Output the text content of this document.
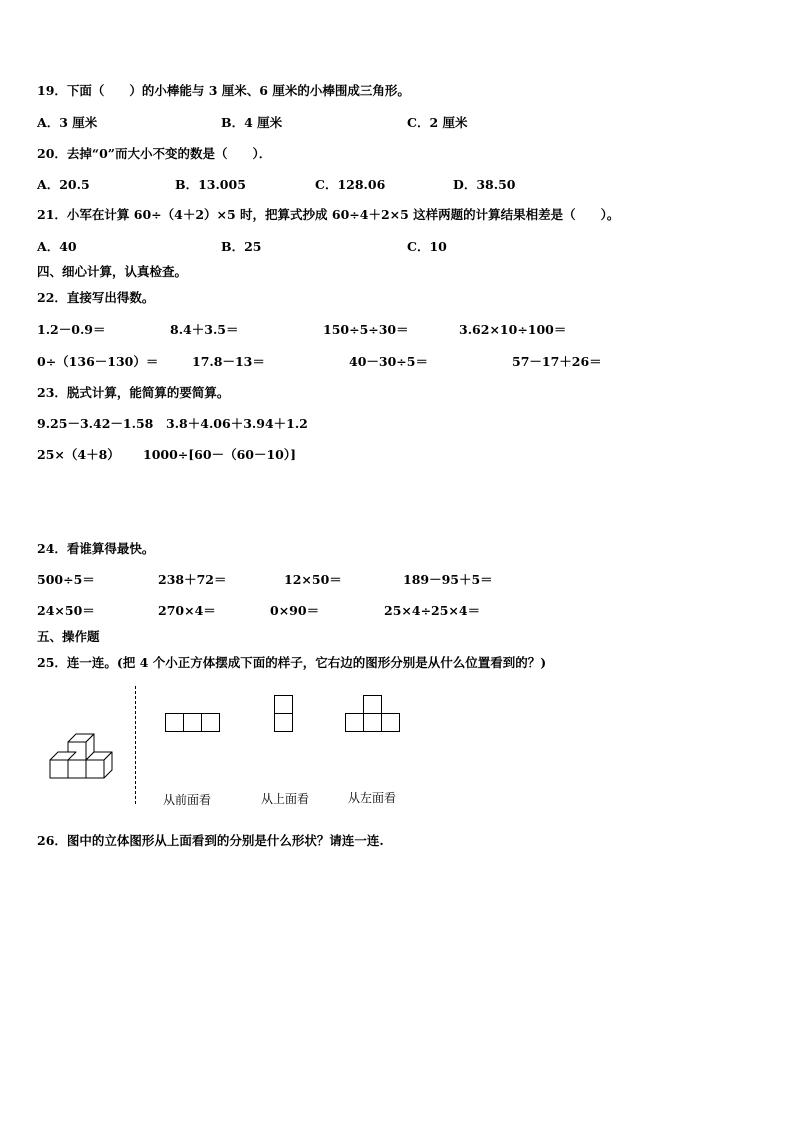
19．下面（　　）的小棒能与 3 厘米、6 厘米的小棒围成三角形。
A．3 厘米	B．4 厘米	C．2 厘米
20．去掉“0”而大小不变的数是（　　）．
A．20.5	B．13.005	C．128.06	D．38.50
21．小军在计算 60÷（4＋2）×5 时，把算式抄成 60÷4＋2×5 这样两题的计算结果相差是（　　）。
A．40	B．25	C．10
四、细心计算，认真检查。
22．直接写出得数。
1.2－0.9＝	8.4＋3.5＝	150÷5÷30＝	3.62×10÷100＝
0÷（136－130）＝	17.8－13＝	40－30÷5＝	57－17＋26＝
23．脱式计算，能简算的要简算。
9.25－3.42－1.58 3.8＋4.06＋3.94＋1.2
25×（4＋8） 1000÷[60－（60－10）]
24．看谁算得最快。
500÷5＝	238＋72＝	12×50＝	189－95＋5＝
24×50＝	270×4＝	0×90＝	25×4÷25×4＝
五、操作题
25．连一连。(把 4 个小正方体摆成下面的样子，它右边的图形分别是从什么位置看到的？)
从前面看	从上面看	从左面看
26．图中的立体图形从上面看到的分别是什么形状？请连一连.
